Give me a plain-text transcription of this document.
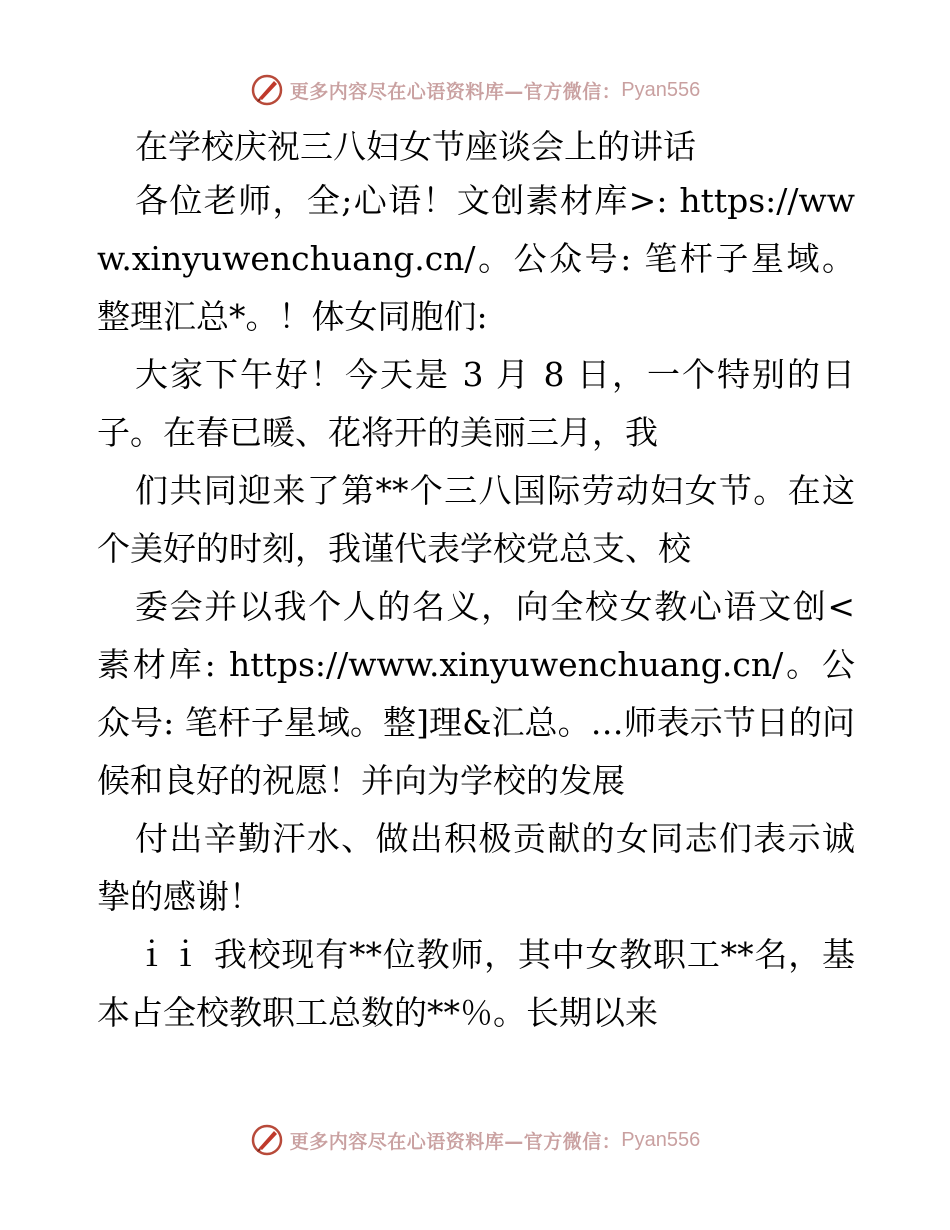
更多内容尽在心语资料库—官方微信： Pyan556

在学校庆祝三八妇女节座谈会上的讲话

各位老师，全;心语！文创素材库>: https://www.xinyuwenchuang.cn/。公众号: 笔杆子星域。整理汇总*。！体女同胞们:

大家下午好！今天是 3 月 8 日，一个特别的日子。在春已暖、花将开的美丽三月，我

们共同迎来了第**个三八国际劳动妇女节。在这个美好的时刻，我谨代表学校党总支、校

委会并以我个人的名义，向全校女教心语文创<素材库: https://www.xinyuwenchuang.cn/。公众号: 笔杆子星域。整]理&汇总。…师表示节日的问候和良好的祝愿！并向为学校的发展

付出辛勤汗水、做出积极贡献的女同志们表示诚挚的感谢！

ｉｉ 我校现有**位教师，其中女教职工**名，基本占全校教职工总数的**％。长期以来

更多内容尽在心语资料库—官方微信： Pyan556
